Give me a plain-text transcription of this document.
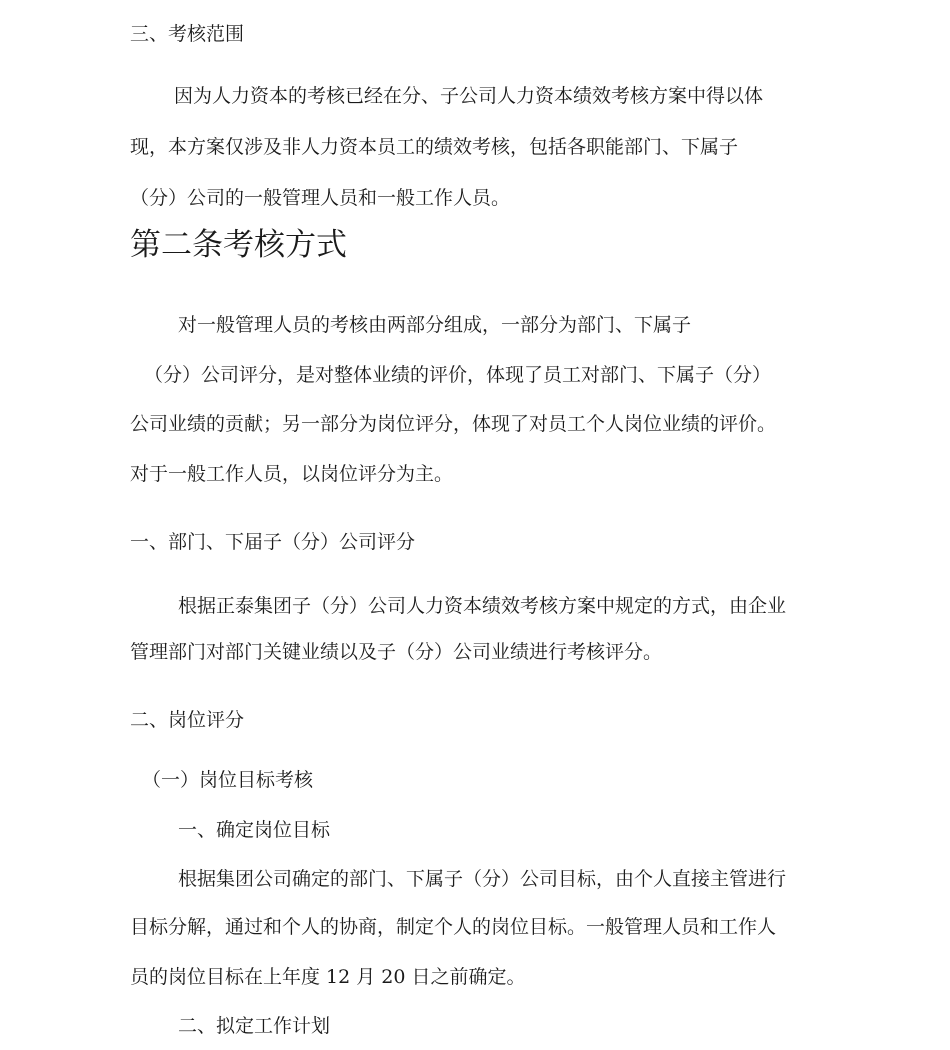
三、考核范围

因为人力资本的考核已经在分、子公司人力资本绩效考核方案中得以体

现，本方案仅涉及非人力资本员工的绩效考核，包括各职能部门、下属子

（分）公司的一般管理人员和一般工作人员。

第二条考核方式

对一般管理人员的考核由两部分组成，一部分为部门、下属子

（分）公司评分，是对整体业绩的评价，体现了员工对部门、下属子（分）

公司业绩的贡献；另一部分为岗位评分，体现了对员工个人岗位业绩的评价。

对于一般工作人员，以岗位评分为主。

一、部门、下届子（分）公司评分

根据正泰集团子（分）公司人力资本绩效考核方案中规定的方式，由企业

管理部门对部门关键业绩以及子（分）公司业绩进行考核评分。

二、岗位评分

（一）岗位目标考核

一、确定岗位目标

根据集团公司确定的部门、下属子（分）公司目标，由个人直接主管进行

目标分解，通过和个人的协商，制定个人的岗位目标。一般管理人员和工作人

员的岗位目标在上年度 12 月 20 日之前确定。

二、拟定工作计划
